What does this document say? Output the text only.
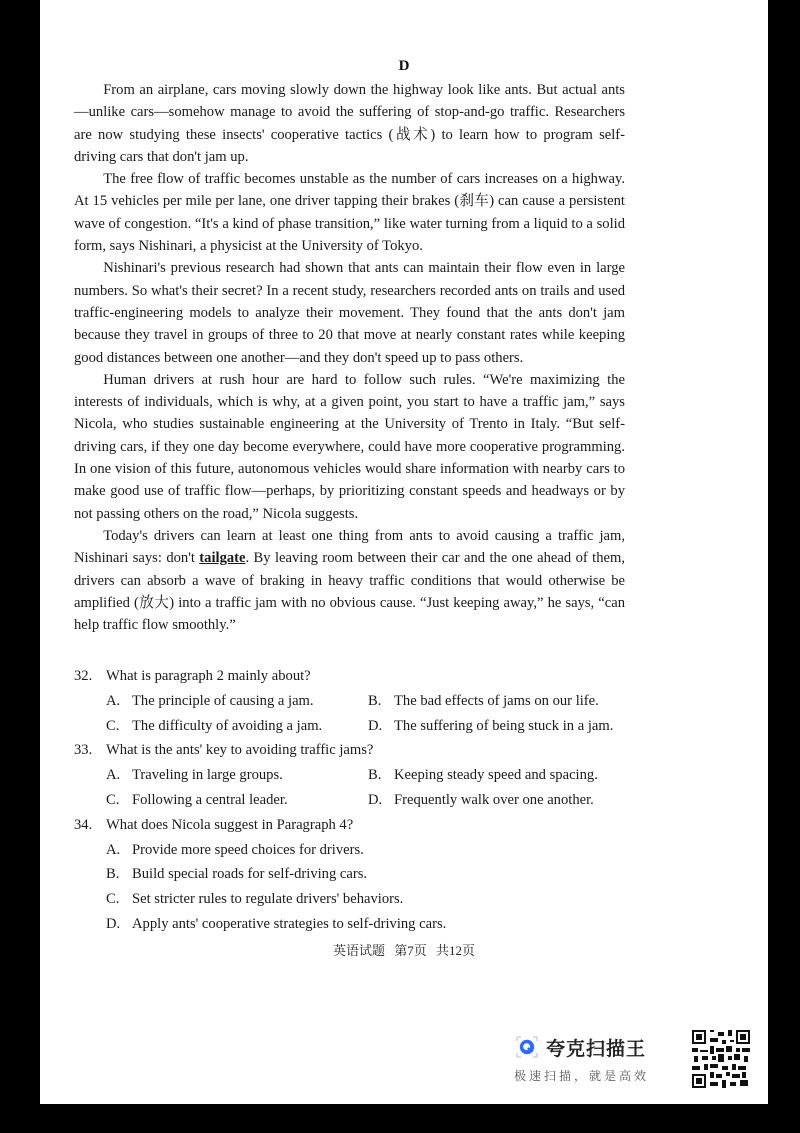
D

From an airplane, cars moving slowly down the highway look like ants. But actual ants—unlike cars—somehow manage to avoid the suffering of stop-and-go traffic. Researchers are now studying these insects' cooperative tactics (战术) to learn how to program self-driving cars that don't jam up.

The free flow of traffic becomes unstable as the number of cars increases on a highway. At 15 vehicles per mile per lane, one driver tapping their brakes (刹车) can cause a persistent wave of congestion. “It's a kind of phase transition,” like water turning from a liquid to a solid form, says Nishinari, a physicist at the University of Tokyo.

Nishinari's previous research had shown that ants can maintain their flow even in large numbers. So what's their secret? In a recent study, researchers recorded ants on trails and used traffic-engineering models to analyze their movement. They found that the ants don't jam because they travel in groups of three to 20 that move at nearly constant rates while keeping good distances between one another—and they don't speed up to pass others.

Human drivers at rush hour are hard to follow such rules. “We're maximizing the interests of individuals, which is why, at a given point, you start to have a traffic jam,” says Nicola, who studies sustainable engineering at the University of Trento in Italy. “But self-driving cars, if they one day become everywhere, could have more cooperative programming. In one vision of this future, autonomous vehicles would share information with nearby cars to make good use of traffic flow—perhaps, by prioritizing constant speeds and headways or by not passing others on the road,” Nicola suggests.

Today's drivers can learn at least one thing from ants to avoid causing a traffic jam, Nishinari says: don't tailgate. By leaving room between their car and the one ahead of them, drivers can absorb a wave of braking in heavy traffic conditions that would otherwise be amplified (放大) into a traffic jam with no obvious cause. “Just keeping away,” he says, “can help traffic flow smoothly.”

32. What is paragraph 2 mainly about?
A. The principle of causing a jam.	B. The bad effects of jams on our life.
C. The difficulty of avoiding a jam.	D. The suffering of being stuck in a jam.
33. What is the ants' key to avoiding traffic jams?
A. Traveling in large groups.	B. Keeping steady speed and spacing.
C. Following a central leader.	D. Frequently walk over one another.
34. What does Nicola suggest in Paragraph 4?
A. Provide more speed choices for drivers.
B. Build special roads for self-driving cars.
C. Set stricter rules to regulate drivers' behaviors.
D. Apply ants' cooperative strategies to self-driving cars.
英语试题 第7页 共12页
夸克扫描王
极速扫描，就是高效
